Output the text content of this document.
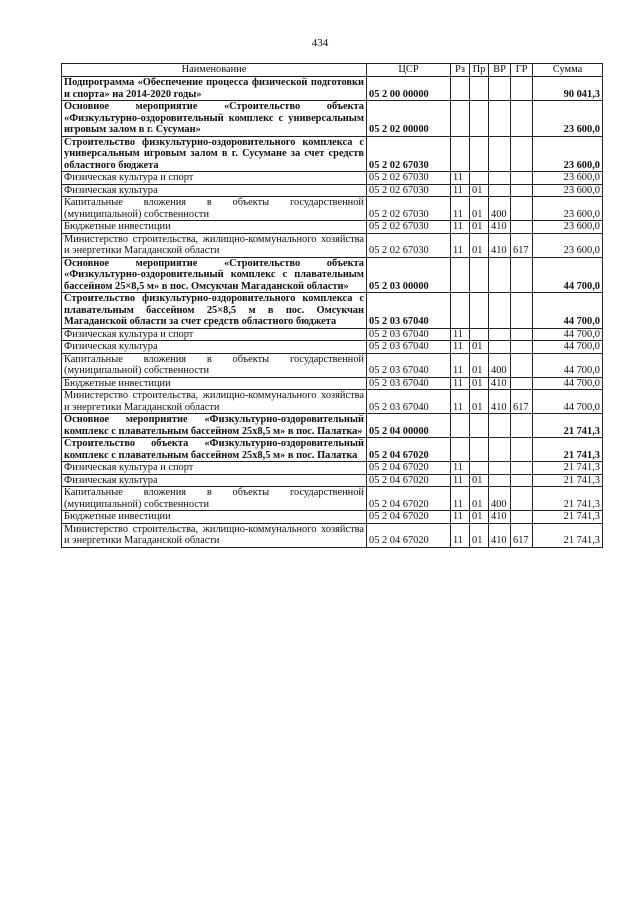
434
Наименование	ЦСР	Рз	Пр	ВР	ГР	Сумма
Подпрограмма «Обеспечение процесса физической подготовки и спорта» на 2014-2020 годы»	05 2 00 00000					90 041,3
Основное мероприятие «Строительство объекта «Физкультурно-оздоровительный комплекс с универсальным игровым залом в г. Сусуман»	05 2 02 00000					23 600,0
Строительство физкультурно-оздоровительного комплекса с универсальным игровым залом в г. Сусумане за счет средств областного бюджета	05 2 02 67030					23 600,0
Физическая культура и спорт	05 2 02 67030	11				23 600,0
Физическая культура	05 2 02 67030	11	01			23 600,0
Капитальные вложения в объекты государственной (муниципальной) собственности	05 2 02 67030	11	01	400		23 600,0
Бюджетные инвестиции	05 2 02 67030	11	01	410		23 600,0
Министерство строительства, жилищно-коммунального хозяйства и энергетики Магаданской области	05 2 02 67030	11	01	410	617	23 600,0
Основное мероприятие «Строительство объекта «Физкультурно-оздоровительный комплекс с плавательным бассейном 25×8,5 м» в пос. Омсукчан Магаданской области»	05 2 03 00000					44 700,0
Строительство физкультурно-оздоровительного комплекса с плавательным бассейном 25×8,5 м в пос. Омсукчан Магаданской области за счет средств областного бюджета	05 2 03 67040					44 700,0
Физическая культура и спорт	05 2 03 67040	11				44 700,0
Физическая культура	05 2 03 67040	11	01			44 700,0
Капитальные вложения в объекты государственной (муниципальной) собственности	05 2 03 67040	11	01	400		44 700,0
Бюджетные инвестиции	05 2 03 67040	11	01	410		44 700,0
Министерство строительства, жилищно-коммунального хозяйства и энергетики Магаданской области	05 2 03 67040	11	01	410	617	44 700,0
Основное мероприятие «Физкультурно-оздоровительный комплекс с плавательным бассейном 25х8,5 м» в пос. Палатка»	05 2 04 00000					21 741,3
Строительство объекта «Физкультурно-оздоровительный комплекс с плавательным бассейном 25х8,5 м» в пос. Палатка	05 2 04 67020					21 741,3
Физическая культура и спорт	05 2 04 67020	11				21 741,3
Физическая культура	05 2 04 67020	11	01			21 741,3
Капитальные вложения в объекты государственной (муниципальной) собственности	05 2 04 67020	11	01	400		21 741,3
Бюджетные инвестиции	05 2 04 67020	11	01	410		21 741,3
Министерство строительства, жилищно-коммунального хозяйства и энергетики Магаданской области	05 2 04 67020	11	01	410	617	21 741,3
